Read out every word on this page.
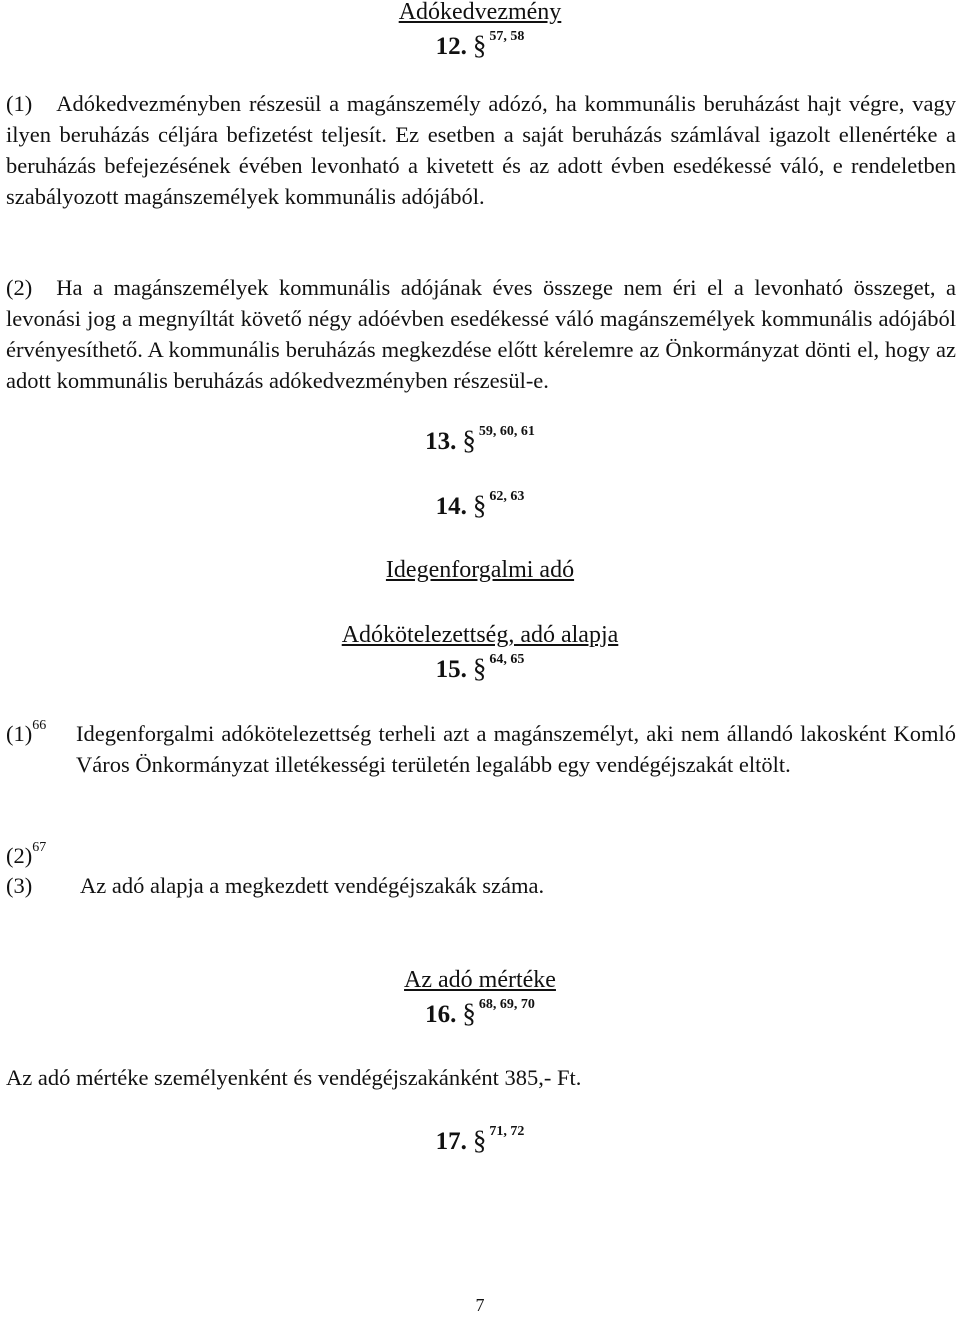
Adókedvezmény
12. § $^{57, 58}$
(1) Adókedvezményben részesül a magánszemély adózó, ha kommunális beruházást hajt végre, vagy ilyen beruházás céljára befizetést teljesít. Ez esetben a saját beruházás számlával igazolt ellenértéke a beruházás befejezésének évében levonható a kivetett és az adott évben esedékessé váló, e rendeletben szabályozott magánszemélyek kommunális adójából.
(2) Ha a magánszemélyek kommunális adójának éves összege nem éri el a levonható összeget, a levonási jog a megnyíltát követő négy adóévben esedékessé váló magánszemélyek kommunális adójából érvényesíthető. A kommunális beruházás megkezdése előtt kérelemre az Önkormányzat dönti el, hogy az adott kommunális beruházás adókedvezményben részesül-e.
13. § $^{59, 60, 61}$
14. § $^{62, 63}$
Idegenforgalmi adó
Adókötelezettség, adó alapja
15. § $^{64, 65}$
$(1)^{66}$ Idegenforgalmi adókötelezettség terheli azt a magánszemélyt, aki nem állandó lakosként Komló Város Önkormányzat illetékességi területén legalább egy vendégéjszakát eltölt.
$(2)^{67}$
(3) Az adó alapja a megkezdett vendégéjszakák száma.
Az adó mértéke
16. § $^{68, 69, 70}$
Az adó mértéke személyenként és vendégéjszakánként 385,- Ft.
17. § $^{71, 72}$
7
